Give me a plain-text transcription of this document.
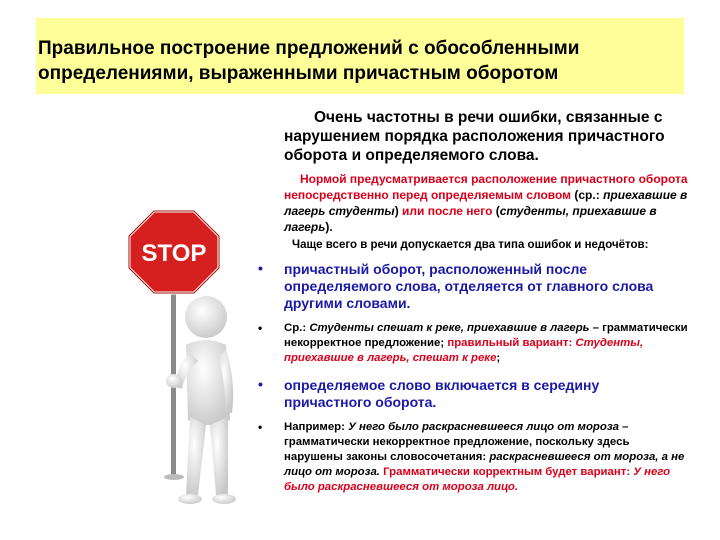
Правильное построение предложений с обособленными определениями, выраженными причастным оборотом
STOP

Очень частотны в речи ошибки, связанные с нарушением порядка расположения причастного оборота и определяемого слова.

Нормой предусматривается расположение причастного оборота непосредственно перед определяемым словом (ср.: приехавшие в лагерь студенты) или после него (студенты, приехавшие в лагерь).

Чаще всего в речи допускается два типа ошибок и недочётов:

• причастный оборот, расположенный после определяемого слова, отделяется от главного слова другими словами.
• Ср.: Студенты спешат к реке, приехавшие в лагерь – грамматически некорректное предложение; правильный вариант: Студенты, приехавшие в лагерь, спешат к реке;
• определяемое слово включается в середину причастного оборота.
• Например: У него было раскрасневшееся лицо от мороза – грамматически некорректное предложение, поскольку здесь нарушены законы словосочетания: раскрасневшееся от мороза, а не лицо от мороза. Грамматически корректным будет вариант: У него было раскрасневшееся от мороза лицо.
